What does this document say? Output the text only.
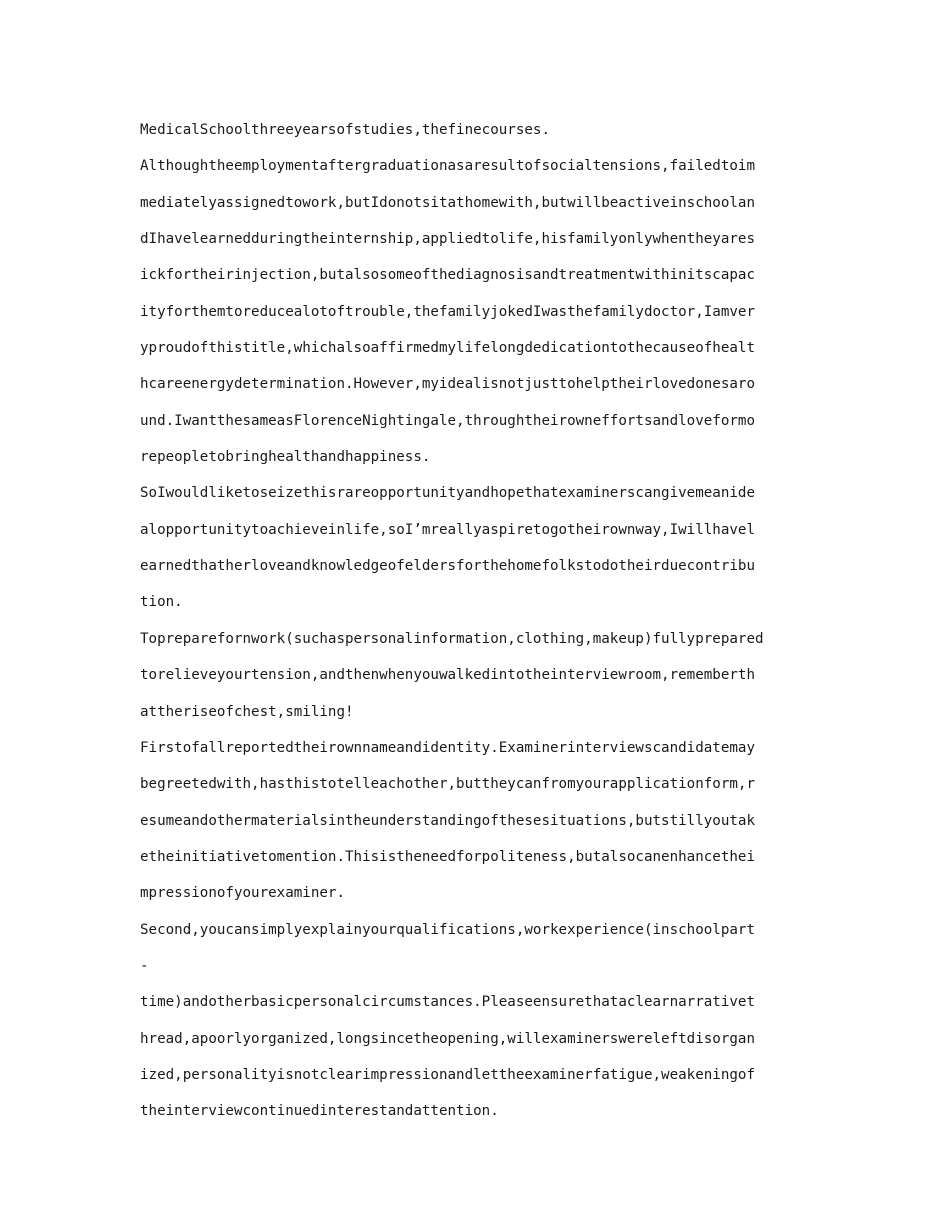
MedicalSchoolthreeyearsofstudies,thefinecourses.
Althoughtheemploymentaftergraduationasaresultofsocialtensions,failedtoim
mediatelyassignedtowork,butIdonotsitathomewith,butwillbeactiveinschoolan
dIhavelearnedduringtheinternship,appliedtolife,hisfamilyonlywhentheyares
ickfortheirinjection,butalsosomeofthediagnosisandtreatmentwithinitscapac
ityforthemtoreducealotoftrouble,thefamilyjokedIwasthefamilydoctor,Iamver
yproudofthistitle,whichalsoaffirmedmylifelongdedicationtothecauseofhealt
hcareenergydetermination.However,myidealisnotjusttohelptheirlovedonesaro
und.IwantthesameasFlorenceNightingale,throughtheirowneffortsandloveformo
repeopletobringhealthandhappiness.
SoIwouldliketoseizethisrareopportunityandhopethatexaminerscangivemeanide
alopportunitytoachieveinlife,soI’mreallyaspiretogotheirownway,Iwillhavel
earnedthatherloveandknowledgeofeldersforthehomefolkstodotheirduecontribu
tion.
Topreparefornwork(suchaspersonalinformation,clothing,makeup)fullyprepared
torelieveyourtension,andthenwhenyouwalkedintotheinterviewroom,rememberth
attheriseofchest,smiling!
Firstofallreportedtheirownnameandidentity.Examinerinterviewscandidatemay
begreetedwith,hasthistotelleachother,buttheycanfromyourapplicationform,r
esumeandothermaterialsintheunderstandingofthesesituations,butstillyoutak
etheinitiativetomention.Thisistheneedforpoliteness,butalsocanenhancethei
mpressionofyourexaminer.
Second,youcansimplyexplainyourqualifications,workexperience(inschoolpart
-
time)andotherbasicpersonalcircumstances.Pleaseensurethataclearnarrativet
hread,apoorlyorganized,longsincetheopening,willexaminerswereleftdisorgan
ized,personalityisnotclearimpressionandlettheexaminerfatigue,weakeningof
theinterviewcontinuedinterestandattention.
